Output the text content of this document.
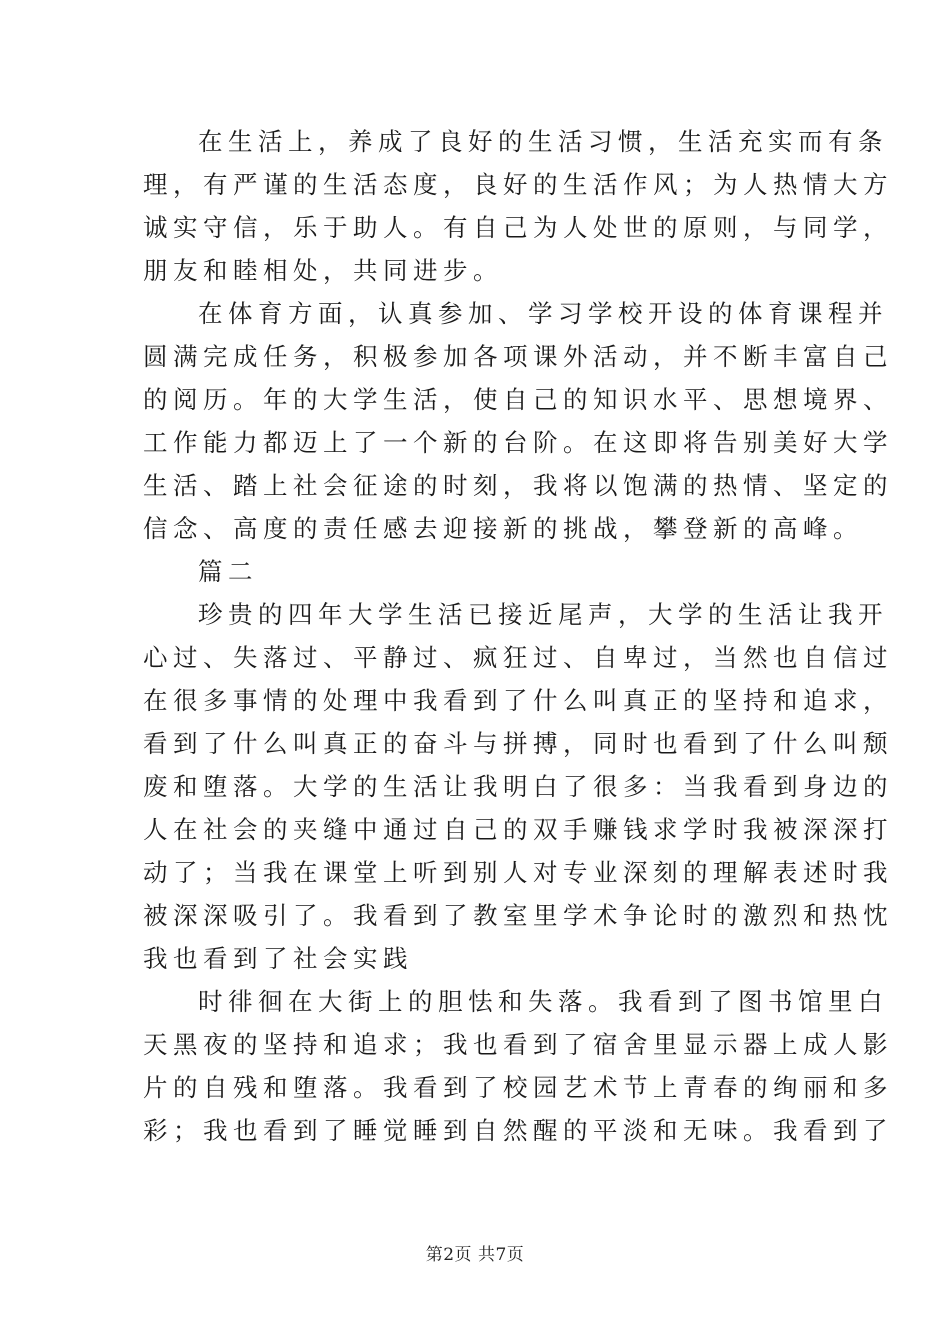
在生活上，养成了良好的生活习惯，生活充实而有条
理，有严谨的生活态度，良好的生活作风；为人热情大方
诚实守信，乐于助人。有自己为人处世的原则，与同学，
朋友和睦相处，共同进步。
在体育方面，认真参加、学习学校开设的体育课程并
圆满完成任务，积极参加各项课外活动，并不断丰富自己
的阅历。年的大学生活，使自己的知识水平、思想境界、
工作能力都迈上了一个新的台阶。在这即将告别美好大学
生活、踏上社会征途的时刻，我将以饱满的热情、坚定的
信念、高度的责任感去迎接新的挑战，攀登新的高峰。
篇二
珍贵的四年大学生活已接近尾声，大学的生活让我开
心过、失落过、平静过、疯狂过、自卑过，当然也自信过
在很多事情的处理中我看到了什么叫真正的坚持和追求，
看到了什么叫真正的奋斗与拼搏，同时也看到了什么叫颓
废和堕落。大学的生活让我明白了很多：当我看到身边的
人在社会的夹缝中通过自己的双手赚钱求学时我被深深打
动了；当我在课堂上听到别人对专业深刻的理解表述时我
被深深吸引了。我看到了教室里学术争论时的激烈和热忱
我也看到了社会实践
时徘徊在大街上的胆怯和失落。我看到了图书馆里白
天黑夜的坚持和追求；我也看到了宿舍里显示器上成人影
片的自残和堕落。我看到了校园艺术节上青春的绚丽和多
彩；我也看到了睡觉睡到自然醒的平淡和无味。我看到了
第2页 共7页
